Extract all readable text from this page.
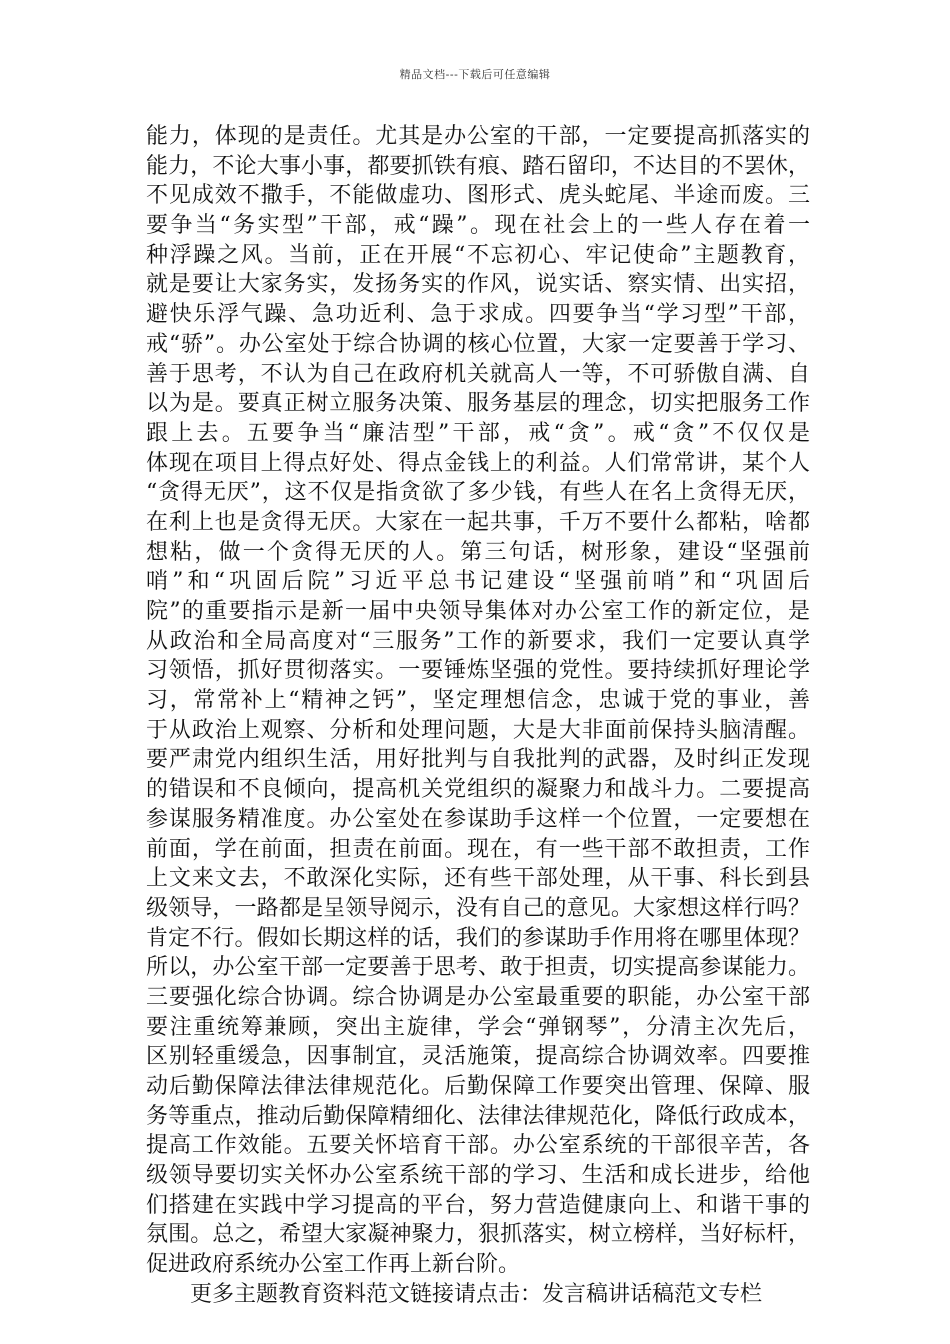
精品文档---下载后可任意编辑
能力，体现的是责任。尤其是办公室的干部，一定要提高抓落实的
能力，不论大事小事，都要抓铁有痕、踏石留印，不达目的不罢休，
不见成效不撒手，不能做虚功、图形式、虎头蛇尾、半途而废。三
要争当“务实型”干部，戒“躁”。现在社会上的一些人存在着一
种浮躁之风。当前，正在开展“不忘初心、牢记使命”主题教育，
就是要让大家务实，发扬务实的作风，说实话、察实情、出实招，
避快乐浮气躁、急功近利、急于求成。四要争当“学习型”干部，
戒“骄”。办公室处于综合协调的核心位置，大家一定要善于学习、
善于思考，不认为自己在政府机关就高人一等，不可骄傲自满、自
以为是。要真正树立服务决策、服务基层的理念，切实把服务工作
跟上去。五要争当“廉洁型”干部，戒“贪”。戒“贪”不仅仅是
体现在项目上得点好处、得点金钱上的利益。人们常常讲，某个人
“贪得无厌”，这不仅是指贪欲了多少钱，有些人在名上贪得无厌，
在利上也是贪得无厌。大家在一起共事，千万不要什么都粘，啥都
想粘，做一个贪得无厌的人。第三句话，树形象，建设“坚强前
哨”和“巩固后院”习近平总书记建设“坚强前哨”和“巩固后
院”的重要指示是新一届中央领导集体对办公室工作的新定位，是
从政治和全局高度对“三服务”工作的新要求，我们一定要认真学
习领悟，抓好贯彻落实。一要锤炼坚强的党性。要持续抓好理论学
习，常常补上“精神之钙”，坚定理想信念，忠诚于党的事业，善
于从政治上观察、分析和处理问题，大是大非面前保持头脑清醒。
要严肃党内组织生活，用好批判与自我批判的武器，及时纠正发现
的错误和不良倾向，提高机关党组织的凝聚力和战斗力。二要提高
参谋服务精准度。办公室处在参谋助手这样一个位置，一定要想在
前面，学在前面，担责在前面。现在，有一些干部不敢担责，工作
上文来文去，不敢深化实际，还有些干部处理，从干事、科长到县
级领导，一路都是呈领导阅示，没有自己的意见。大家想这样行吗？
肯定不行。假如长期这样的话，我们的参谋助手作用将在哪里体现？
所以，办公室干部一定要善于思考、敢于担责，切实提高参谋能力。
三要强化综合协调。综合协调是办公室最重要的职能，办公室干部
要注重统筹兼顾，突出主旋律，学会“弹钢琴”，分清主次先后，
区别轻重缓急，因事制宜，灵活施策，提高综合协调效率。四要推
动后勤保障法律法律规范化。后勤保障工作要突出管理、保障、服
务等重点，推动后勤保障精细化、法律法律规范化，降低行政成本，
提高工作效能。五要关怀培育干部。办公室系统的干部很辛苦，各
级领导要切实关怀办公室系统干部的学习、生活和成长进步，给他
们搭建在实践中学习提高的平台，努力营造健康向上、和谐干事的
氛围。总之，希望大家凝神聚力，狠抓落实，树立榜样，当好标杆，
促进政府系统办公室工作再上新台阶。
更多主题教育资料范文链接请点击：发言稿讲话稿范文专栏
